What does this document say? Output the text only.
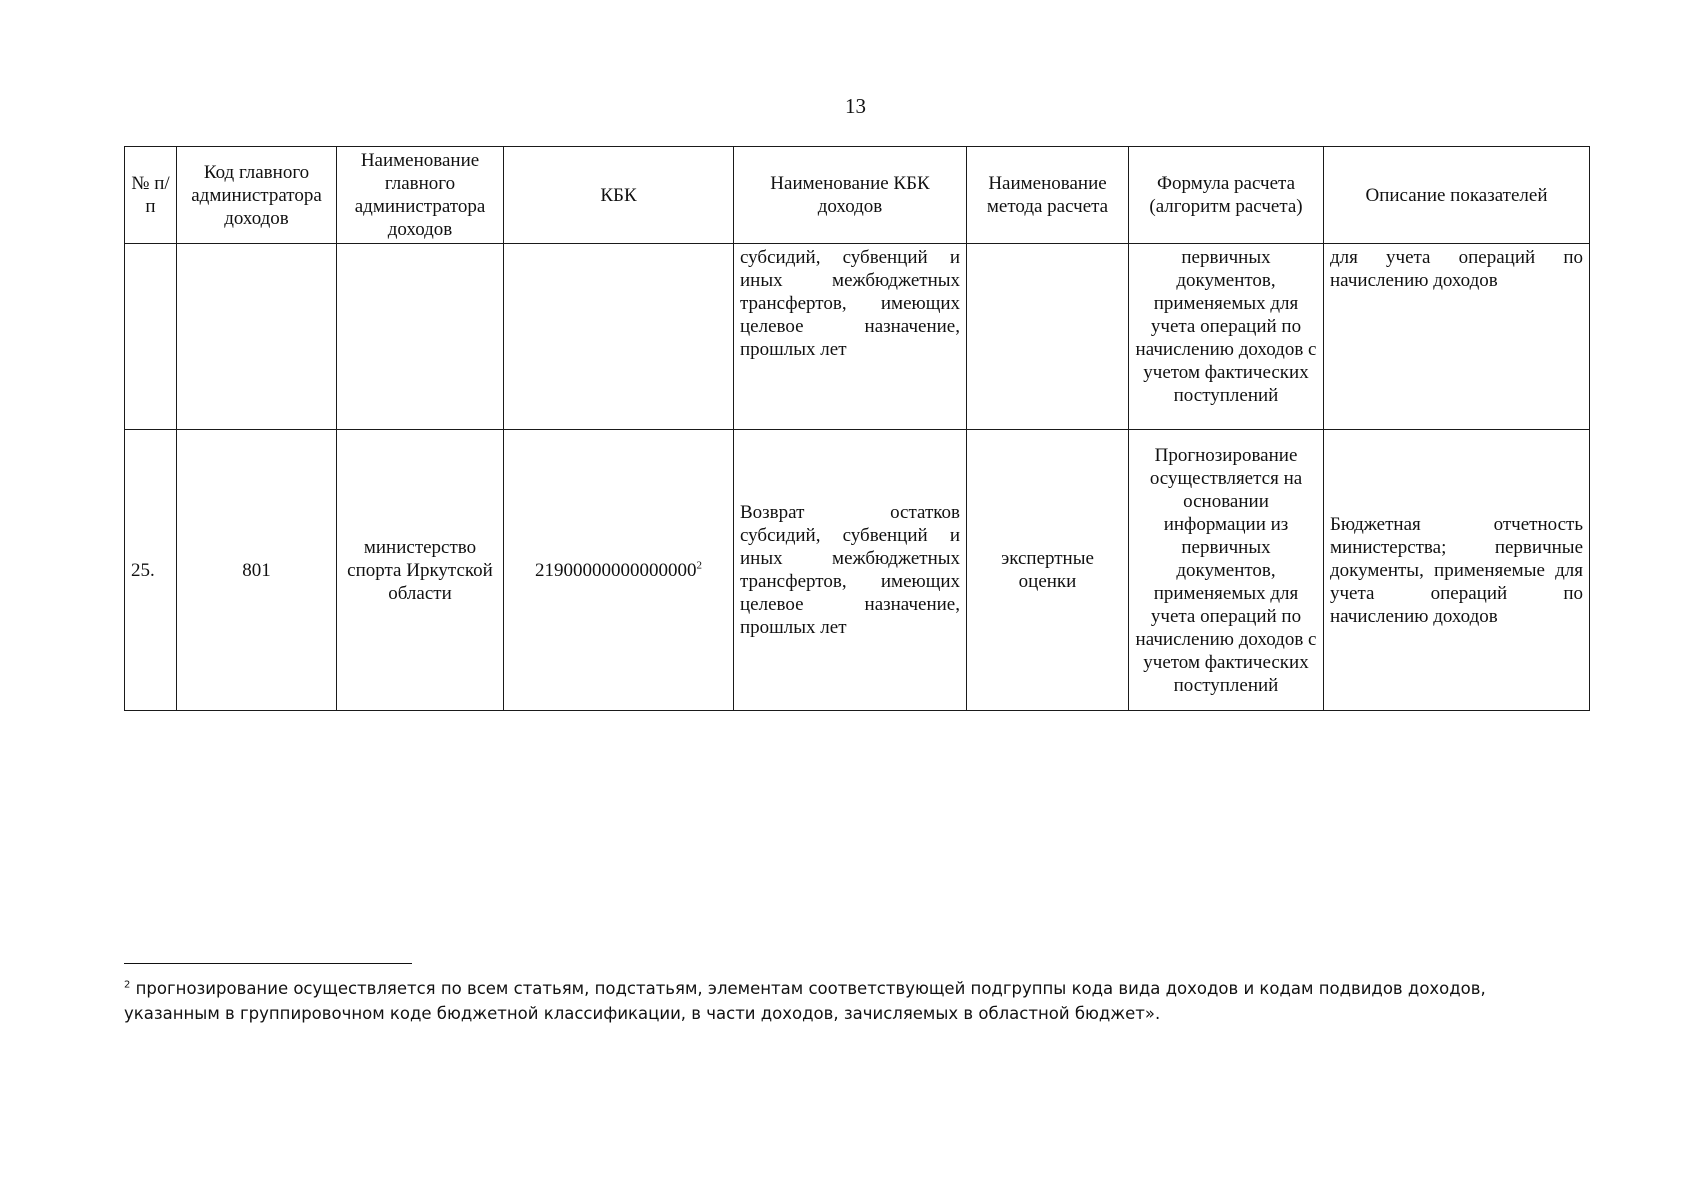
13
№ п/п	Код главного администратора доходов	Наименование главного администратора доходов	КБК	Наименование КБК доходов	Наименование метода расчета	Формула расчета (алгоритм расчета)	Описание показателей
				субсидий, субвенций и иных межбюджетных трансфертов, имеющих целевое назначение, прошлых лет		первичных документов, применяемых для учета операций по начислению доходов с учетом фактических поступлений	для учета операций по начислению доходов
25.	801	министерство спорта Иркутской области	21900000000000000$^2$	Возврат остатков субсидий, субвенций и иных межбюджетных трансфертов, имеющих целевое назначение, прошлых лет	экспертные оценки	Прогнозирование осуществляется на основании информации из первичных документов, применяемых для учета операций по начислению доходов с учетом фактических поступлений	Бюджетная отчетность министерства; первичные документы, применяемые для учета операций по начислению доходов
$^2$ прогнозирование осуществляется по всем статьям, подстатьям, элементам соответствующей подгруппы кода вида доходов и кодам подвидов доходов, указанным в группировочном коде бюджетной классификации, в части доходов, зачисляемых в областной бюджет».
